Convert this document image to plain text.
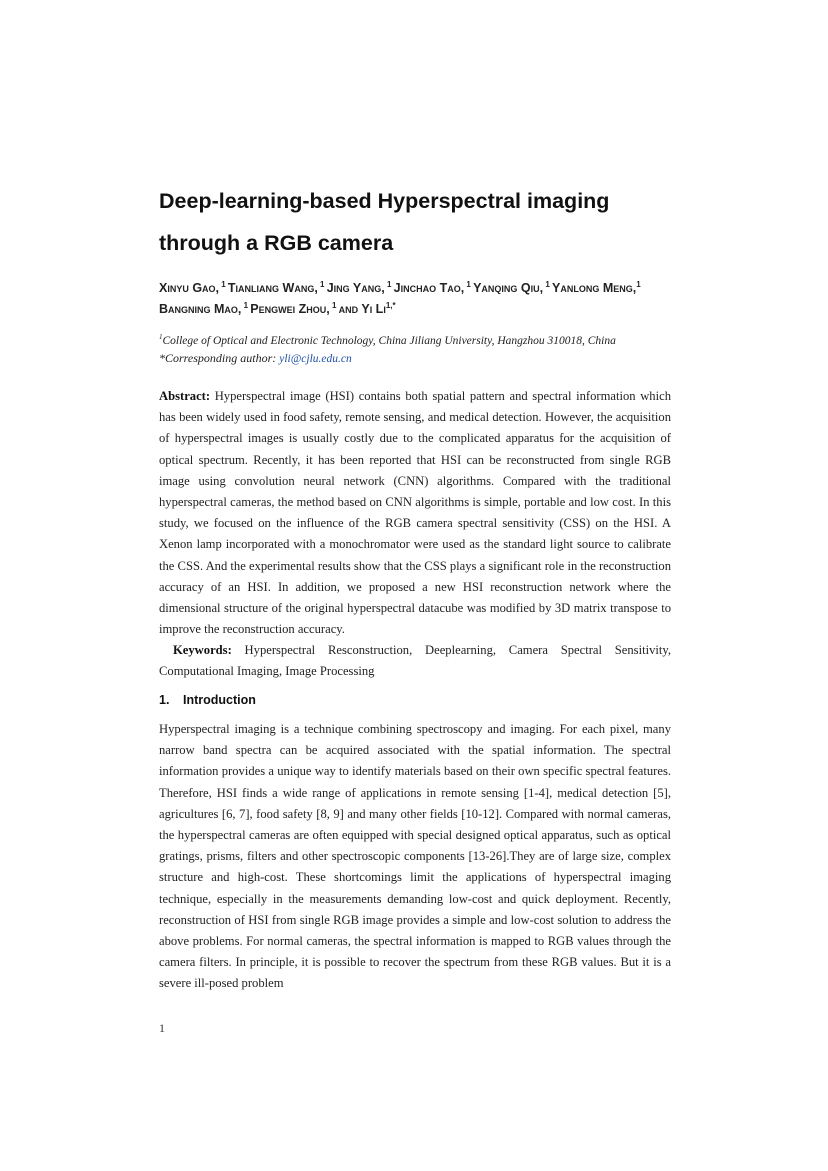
Deep-learning-based Hyperspectral imaging
through a RGB camera
Xinyu Gao, $^1$ Tianliang Wang, $^1$ Jing Yang, $^1$ Jinchao Tao, $^1$ Yanqing Qiu, $^1$ Yanlong Meng,$^1$ Bangning Mao, $^1$ Pengwei Zhou, $^1$ and Yi $Li^{1,*}$
$^1$College of Optical and Electronic Technology, China Jiliang University, Hangzhou 310018, China
*Corresponding author: yli@cjlu.edu.cn
Abstract: Hyperspectral image (HSI) contains both spatial pattern and spectral information which has been widely used in food safety, remote sensing, and medical detection. However, the acquisition of hyperspectral images is usually costly due to the complicated apparatus for the acquisition of optical spectrum. Recently, it has been reported that HSI can be reconstructed from single RGB image using convolution neural network (CNN) algorithms. Compared with the traditional hyperspectral cameras, the method based on CNN algorithms is simple, portable and low cost. In this study, we focused on the influence of the RGB camera spectral sensitivity (CSS) on the HSI. A Xenon lamp incorporated with a monochromator were used as the standard light source to calibrate the CSS. And the experimental results show that the CSS plays a significant role in the reconstruction accuracy of an HSI. In addition, we proposed a new HSI reconstruction network where the dimensional structure of the original hyperspectral datacube was modified by 3D matrix transpose to improve the reconstruction accuracy.
Keywords: Hyperspectral Resconstruction, Deeplearning, Camera Spectral Sensitivity, Computational Imaging, Image Processing
1. Introduction
Hyperspectral imaging is a technique combining spectroscopy and imaging. For each pixel, many narrow band spectra can be acquired associated with the spatial information. The spectral information provides a unique way to identify materials based on their own specific spectral features. Therefore, HSI finds a wide range of applications in remote sensing [1-4], medical detection [5], agricultures [6, 7], food safety [8, 9] and many other fields [10-12]. Compared with normal cameras, the hyperspectral cameras are often equipped with special designed optical apparatus, such as optical gratings, prisms, filters and other spectroscopic components [13-26].They are of large size, complex structure and high-cost. These shortcomings limit the applications of hyperspectral imaging technique, especially in the measurements demanding low-cost and quick deployment. Recently, reconstruction of HSI from single RGB image provides a simple and low-cost solution to address the above problems. For normal cameras, the spectral information is mapped to RGB values through the camera filters. In principle, it is possible to recover the spectrum from these RGB values. But it is a severe ill-posed problem
1
